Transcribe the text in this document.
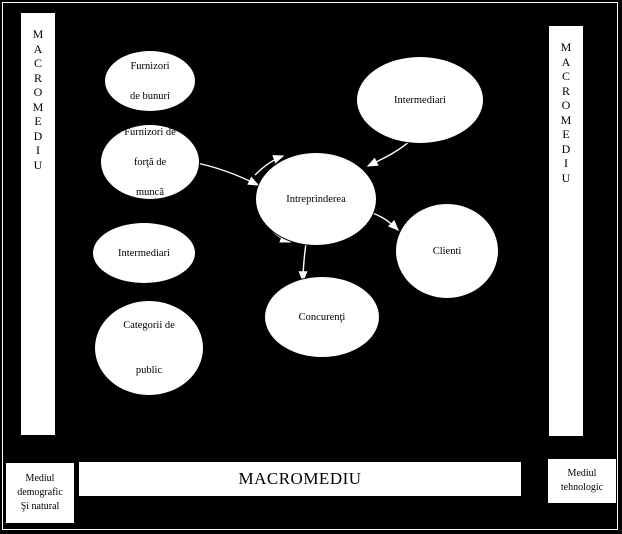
M
A
C
R
O
M
E
D
I
U
M
A
C
R
O
M
E
D
I
U
Furnizori

de bunuri
Furnizori de

forţă de

muncă
Intermediari
Categorii de

public
Intermediari
Intreprinderea
Clienti
Concurenţi
MACROMEDIU
Mediul
demografic
Şi natural
Mediul
tehnologic
